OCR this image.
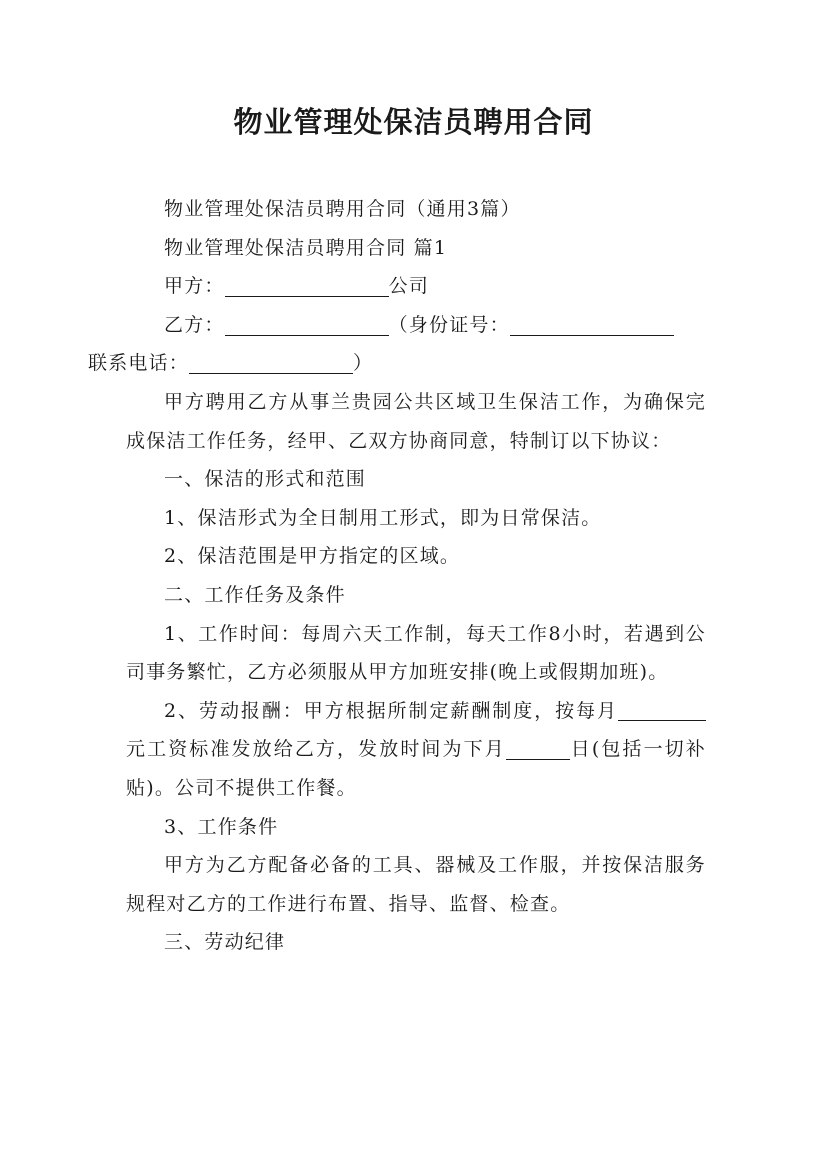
物业管理处保洁员聘用合同

物业管理处保洁员聘用合同（通用3篇）

物业管理处保洁员聘用合同 篇1

甲方：	公司

乙方：	（身份证号：
联系电话：	）

甲方聘用乙方从事兰贵园公共区域卫生保洁工作，为确保完成保洁工作任务，经甲、乙双方协商同意，特制订以下协议：

一、保洁的形式和范围

1、保洁形式为全日制用工形式，即为日常保洁。

2、保洁范围是甲方指定的区域。

二、工作任务及条件

1、工作时间：每周六天工作制，每天工作8小时，若遇到公司事务繁忙，乙方必须服从甲方加班安排(晚上或假期加班)。

2、劳动报酬：甲方根据所制定薪酬制度，按每月元工资标准发放给乙方，发放时间为下月	日(包括一切补贴)。公司不提供工作餐。

3、工作条件

甲方为乙方配备必备的工具、器械及工作服，并按保洁服务规程对乙方的工作进行布置、指导、监督、检查。

三、劳动纪律
